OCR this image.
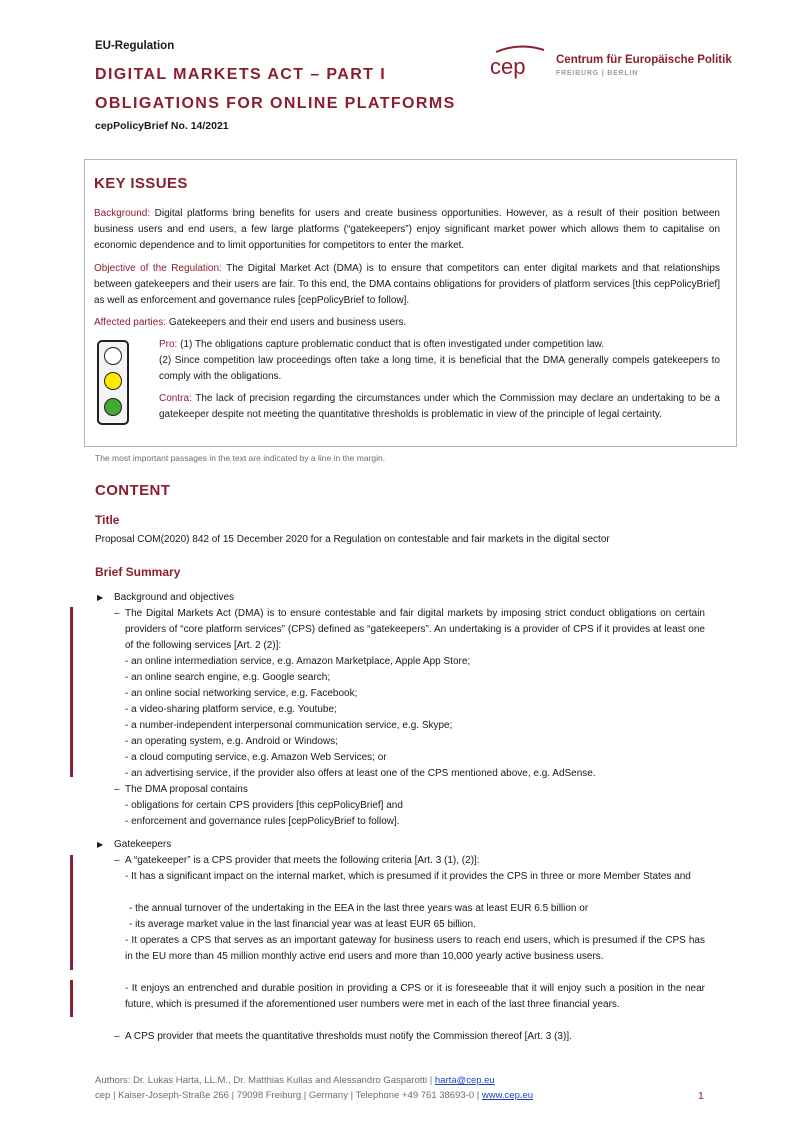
EU-Regulation
DIGITAL MARKETS ACT – PART I
OBLIGATIONS FOR ONLINE PLATFORMS
cepPolicyBrief No. 14/2021
cep	Centrum für Europäische Politik
FREIBURG | BERLIN
KEY ISSUES

Background: Digital platforms bring benefits for users and create business opportunities. However, as a result of their position between business users and end users, a few large platforms (“gatekeepers”) enjoy significant market power which allows them to capitalise on economic dependence and to limit opportunities for competitors to enter the market.

Objective of the Regulation: The Digital Market Act (DMA) is to ensure that competitors can enter digital markets and that relationships between gatekeepers and their users are fair. To this end, the DMA contains obligations for providers of platform services [this cepPolicyBrief] as well as enforcement and governance rules [cepPolicyBrief to follow].

Affected parties: Gatekeepers and their end users and business users.

Pro: (1) The obligations capture problematic conduct that is often investigated under competition law.
(2) Since competition law proceedings often take a long time, it is beneficial that the DMA generally compels gatekeepers to comply with the obligations.
Contra: The lack of precision regarding the circumstances under which the Commission may declare an undertaking to be a gatekeeper despite not meeting the quantitative thresholds is problematic in view of the principle of legal certainty.
The most important passages in the text are indicated by a line in the margin.
CONTENT
Title
Proposal COM(2020) 842 of 15 December 2020 for a Regulation on contestable and fair markets in the digital sector
Brief Summary
▶ Background and objectives
– The Digital Markets Act (DMA) is to ensure contestable and fair digital markets by imposing strict conduct obligations on certain providers of “core platform services” (CPS) defined as “gatekeepers”. An undertaking is a provider of CPS if it provides at least one of the following services [Art. 2 (2)]:
- an online intermediation service, e.g. Amazon Marketplace, Apple App Store;
- an online search engine, e.g. Google search;
- an online social networking service, e.g. Facebook;
- a video-sharing platform service, e.g. Youtube;
- a number-independent interpersonal communication service, e.g. Skype;
- an operating system, e.g. Android or Windows;
- a cloud computing service, e.g. Amazon Web Services; or
- an advertising service, if the provider also offers at least one of the CPS mentioned above, e.g. AdSense.
– The DMA proposal contains
- obligations for certain CPS providers [this cepPolicyBrief] and
- enforcement and governance rules [cepPolicyBrief to follow].
▶ Gatekeepers
– A “gatekeeper” is a CPS provider that meets the following criteria [Art. 3 (1), (2)]:
- It has a significant impact on the internal market, which is presumed if it provides the CPS in three or more Member States and
- the annual turnover of the undertaking in the EEA in the last three years was at least EUR 6.5 billion or
- its average market value in the last financial year was at least EUR 65 billion.
- It operates a CPS that serves as an important gateway for business users to reach end users, which is presumed if the CPS has in the EU more than 45 million monthly active end users and more than 10,000 yearly active business users.
- It enjoys an entrenched and durable position in providing a CPS or it is foreseeable that it will enjoy such a position in the near future, which is presumed if the aforementioned user numbers were met in each of the last three financial years.
– A CPS provider that meets the quantitative thresholds must notify the Commission thereof [Art. 3 (3)].
Authors: Dr. Lukas Harta, LL.M., Dr. Matthias Kullas and Alessandro Gasparotti | harta@cep.eu
cep | Kaiser-Joseph-Straße 266 | 79098 Freiburg | Germany | Telephone +49 761 38693-0 | www.cep.eu	1
